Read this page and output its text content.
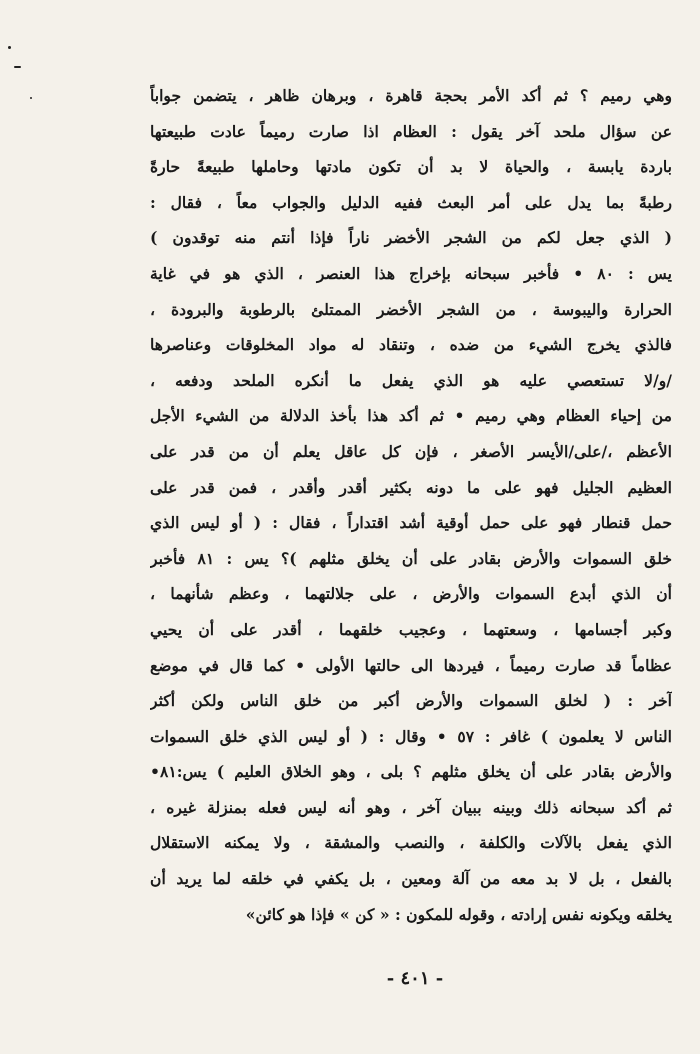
وهي رميم ؟ ثم أكد الأمر بحجة قاهرة ، وبرهان ظاهر ، يتضمن جواباً
عن سؤال ملحد آخر يقول : العظام اذا صارت رميماً عادت طبيعتها
باردة يابسة ، والحياة لا بد أن تكون مادتها وحاملها طبيعةً حارةً
رطبةً بما يدل على أمر البعث ففيه الدليل والجواب معاً ، فقال :
( الذي جعل لكم من الشجر الأخضر ناراً فإذا أنتم منه توقدون )
يس : ٨٠ • فأخبر سبحانه بإخراج هذا العنصر ، الذي هو في غاية
الحرارة واليبوسة ، من الشجر الأخضر الممتلئ بالرطوبة والبرودة ،
فالذي يخرج الشيء من ضده ، وتنقاد له مواد المخلوقات وعناصرها
/و/لا تستعصي عليه هو الذي يفعل ما أنكره الملحد ودفعه ،
من إحياء العظام وهي رميم • ثم أكد هذا بأخذ الدلالة من الشيء الأجل
الأعظم ،/على/الأيسر الأصغر ، فإن كل عاقل يعلم أن من قدر على
العظيم الجليل فهو على ما دونه بكثير أقدر وأقدر ، فمن قدر على
حمل قنطار فهو على حمل أوقية أشد اقتداراً ، فقال : ( أو ليس الذي
خلق السموات والأرض بقادر على أن يخلق مثلهم )؟ يس : ٨١ فأخبر
أن الذي أبدع السموات والأرض ، على جلالتهما ، وعظم شأنهما ،
وكبر أجسامها ، وسعتهما ، وعجيب خلقهما ، أقدر على أن يحيي
عظاماً قد صارت رميماً ، فيردها الى حالتها الأولى • كما قال في موضع
آخر : ( لخلق السموات والأرض أكبر من خلق الناس ولكن أكثر
الناس لا يعلمون ) غافر : ٥٧ • وقال : ( أو ليس الذي خلق السموات
والأرض بقادر على أن يخلق مثلهم ؟ بلى ، وهو الخلاق العليم ) يس:٨١•
ثم أكد سبحانه ذلك وبينه ببيان آخر ، وهو أنه ليس فعله بمنزلة غيره ،
الذي يفعل بالآلات والكلفة ، والنصب والمشقة ، ولا يمكنه الاستقلال
بالفعل ، بل لا بد معه من آلة ومعين ، بل يكفي في خلقه لما يريد أن
يخلقه ويكونه نفس إرادته ، وقوله للمكون : « كن » فإذا هو كائن»
- ٤٠١ -
